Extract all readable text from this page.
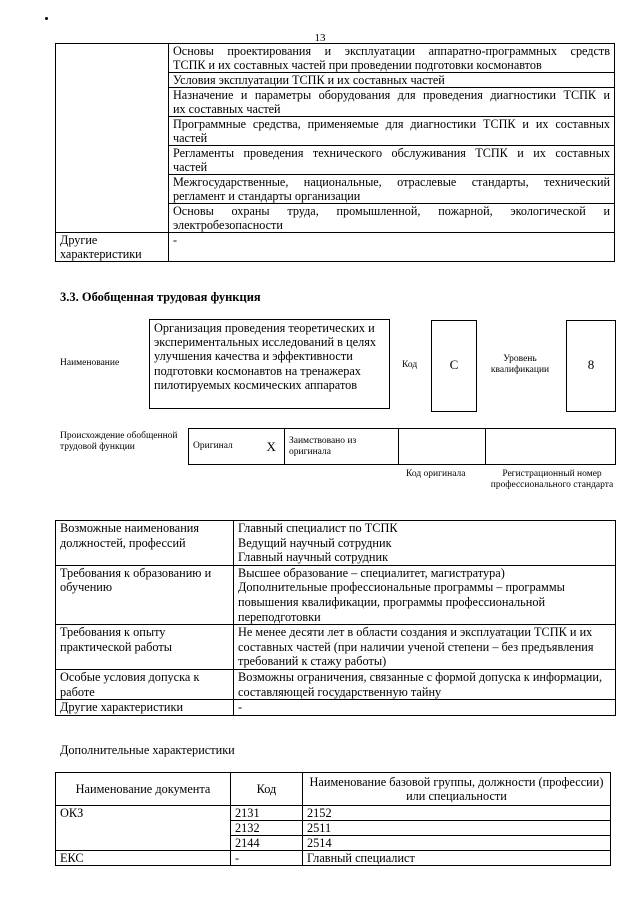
13
	Основы проектирования и эксплуатации аппаратно-программных средств
ТСПК и их составных частей при проведении подготовки космонавтов

	Условия эксплуатации ТСПК и их составных частей
	Назначение и параметры оборудования для проведения диагностики ТСПК и
их составных частей

	Программные средства, применяемые для диагностики ТСПК и их составных
частей

	Регламенты проведения технического обслуживания ТСПК и их составных
частей

	Межгосударственные, национальные, отраслевые стандарты, технический
регламент и стандарты организации

	Основы охраны труда, промышленной, пожарной, экологической и
электробезопасности

Другие характеристики	-
3.3. Обобщенная трудовая функция
Наименование
Организация проведения теоретических и экспериментальных исследований в целях улучшения качества и эффективности подготовки космонавтов на тренажерах пилотируемых космических аппаратов
Код	C	Уровень квалификации	8
Происхождение обобщенной трудовой функции	Оригинал	X	Заимствовано из оригинала		
Код оригинала	Регистрационный номер профессионального стандарта
Возможные наименования должностей, профессий	Главный специалист по ТСПК
Ведущий научный сотрудник
Главный научный сотрудник

Требования к образованию и обучению	Высшее образование – специалитет, магистратура)
Дополнительные профессиональные программы – программы повышения квалификации, программы профессиональной переподготовки

Требования к опыту практической работы	Не менее десяти лет в области создания и эксплуатации ТСПК и их составных частей (при наличии ученой степени – без предъявления требований к стажу работы)

Особые условия допуска к работе	Возможны ограничения, связанные с формой допуска к информации, составляющей государственную тайну

Другие характеристики	-
Дополнительные характеристики
Наименование документа	Код	Наименование базовой группы, должности (профессии) или специальности
ОКЗ	2131	2152
	2132	2511
	2144	2514
ЕКС	-	Главный специалист
